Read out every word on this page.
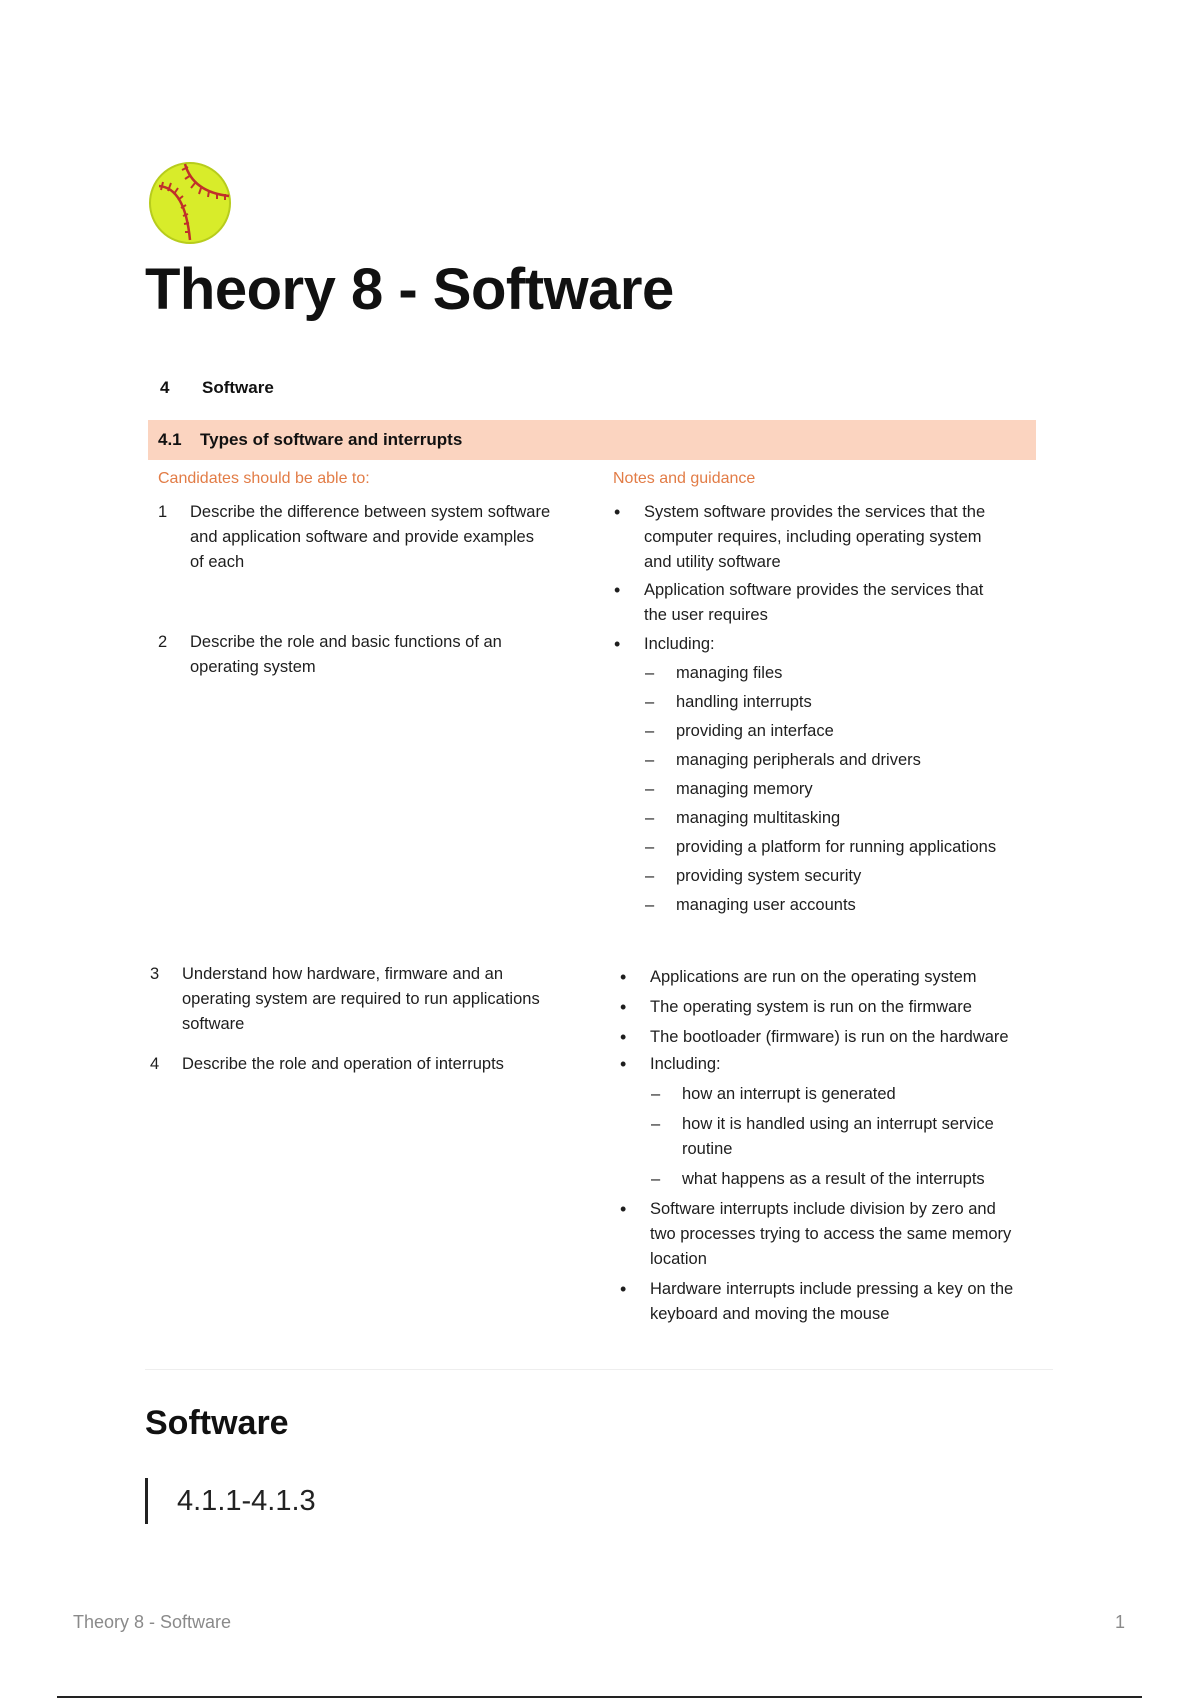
Theory 8 - Software
4 Software
4.1 Types of software and interrupts
Candidates should be able to:	Notes and guidance
1 Describe the difference between system software
and application software and provide examples
of each
• System software provides the services that the
computer requires, including operating system
and utility software
• Application software provides the services that
the user requires
2 Describe the role and basic functions of an
operating system
• Including:
– managing files
– handling interrupts
– providing an interface
– managing peripherals and drivers
– managing memory
– managing multitasking
– providing a platform for running applications
– providing system security
– managing user accounts
3 Understand how hardware, firmware and an
operating system are required to run applications
software
• Applications are run on the operating system
• The operating system is run on the firmware
• The bootloader (firmware) is run on the hardware
4 Describe the role and operation of interrupts
•	Including:
– how an interrupt is generated
– how it is handled using an interrupt service
routine
– what happens as a result of the interrupts
• Software interrupts include division by zero and
two processes trying to access the same memory
location
• Hardware interrupts include pressing a key on the
keyboard and moving the mouse
Software
4.1.1-4.1.3
Theory 8 - Software	1
